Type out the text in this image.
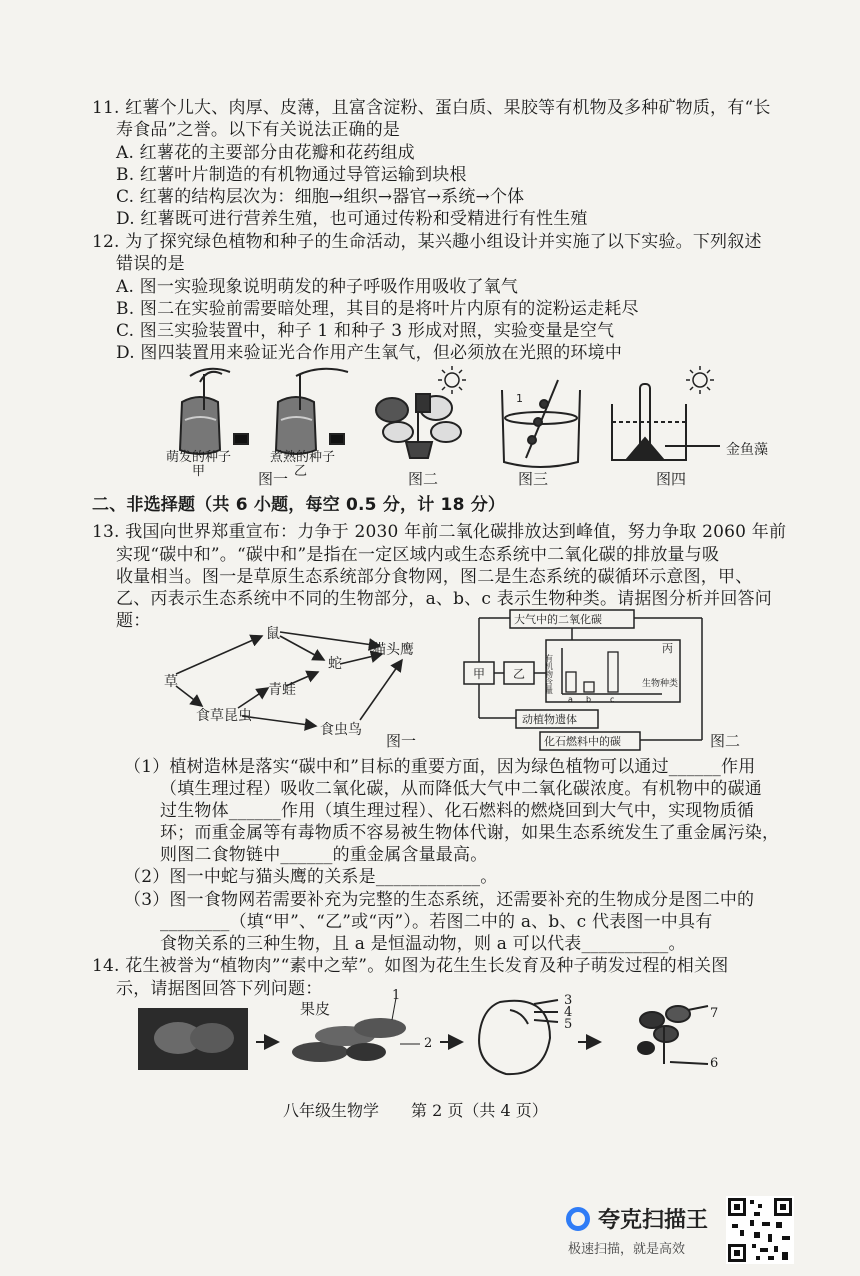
11. 红薯个儿大、肉厚、皮薄，且富含淀粉、蛋白质、果胶等有机物及多种矿物质，有“长
寿食品”之誉。以下有关说法正确的是
A. 红薯花的主要部分由花瓣和花药组成
B. 红薯叶片制造的有机物通过导管运输到块根
C. 红薯的结构层次为：细胞→组织→器官→系统→个体
D. 红薯既可进行营养生殖，也可通过传粉和受精进行有性生殖
12. 为了探究绿色植物和种子的生命活动，某兴趣小组设计并实施了以下实验。下列叙述
错误的是
A. 图一实验现象说明萌发的种子呼吸作用吸收了氧气
B. 图二在实验前需要暗处理，其目的是将叶片内原有的淀粉运走耗尽
C. 图三实验装置中，种子 1 和种子 3 形成对照，实验变量是空气
D. 图四装置用来验证光合作用产生氧气，但必须放在光照的环境中
1
萌发的种子
甲
煮熟的种子
乙
图一	图二	图三	图四
金鱼藻
二、非选择题（共 6 小题，每空 0.5 分，计 18 分）
13. 我国向世界郑重宣布：力争于 2030 年前二氧化碳排放达到峰值，努力争取 2060 年前
实现“碳中和”。“碳中和”是指在一定区域内或生态系统中二氧化碳的排放量与吸
收量相当。图一是草原生态系统部分食物网，图二是生态系统的碳循环示意图，甲、
乙、丙表示生态系统中不同的生物部分，a、b、c 表示生物种类。请据图分析并回答问
题：
草
鼠
蛇
猫头鹰
青蛙
食草昆虫
食虫鸟
图一
大气中的二氧化碳
甲 乙
丙
有机物含量
a b c
生物种类
动植物遗体
化石燃料中的碳	图二
（1）植树造林是落实“碳中和”目标的重要方面，因为绿色植物可以通过______作用
（填生理过程）吸收二氧化碳，从而降低大气中二氧化碳浓度。有机物中的碳通
过生物体______作用（填生理过程）、化石燃料的燃烧回到大气中，实现物质循
环；而重金属等有毒物质不容易被生物体代谢，如果生态系统发生了重金属污染，
则图二食物链中______的重金属含量最高。
（2）图一中蛇与猫头鹰的关系是____________。
（3）图一食物网若需要补充为完整的生态系统，还需要补充的生物成分是图二中的
________（填“甲”、“乙”或“丙”）。若图二中的 a、b、c 代表图一中具有
食物关系的三种生物，且 a 是恒温动物，则 a 可以代表__________。
14. 花生被誉为“植物肉”“素中之荤”。如图为花生生长发育及种子萌发过程的相关图
示，请据图回答下列问题：
果皮
1
2
3
4
5
6
7
八年级生物学　　第 2 页（共 4 页）
夸克扫描王
极速扫描，就是高效
